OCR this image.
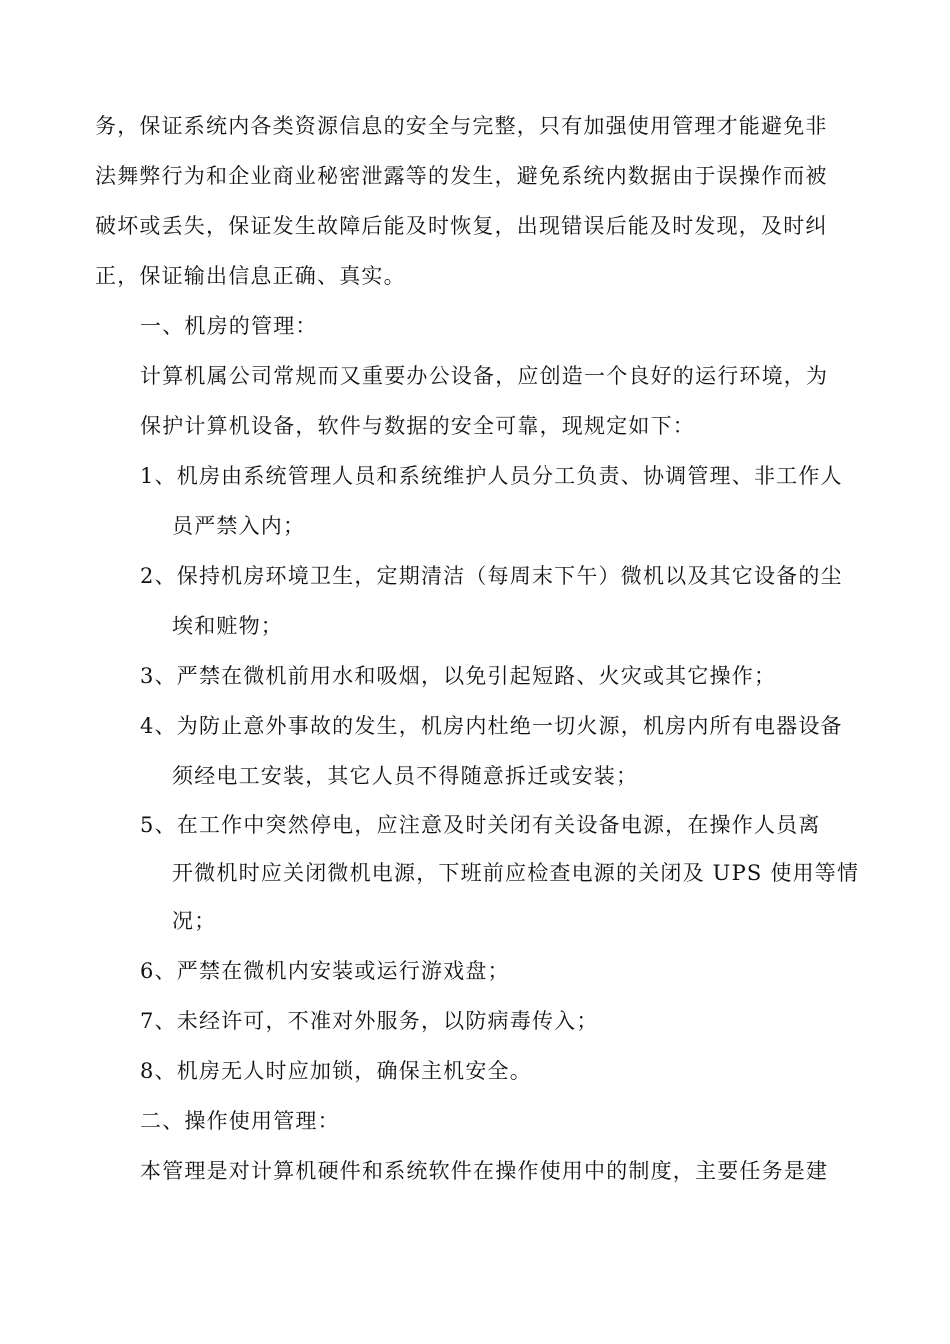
务，保证系统内各类资源信息的安全与完整，只有加强使用管理才能避免非
法舞弊行为和企业商业秘密泄露等的发生，避免系统内数据由于误操作而被
破坏或丢失，保证发生故障后能及时恢复，出现错误后能及时发现，及时纠
正，保证输出信息正确、真实。
一、机房的管理：
计算机属公司常规而又重要办公设备，应创造一个良好的运行环境，为
保护计算机设备，软件与数据的安全可靠，现规定如下：
1、机房由系统管理人员和系统维护人员分工负责、协调管理、非工作人
员严禁入内；
2、保持机房环境卫生，定期清洁（每周末下午）微机以及其它设备的尘
埃和赃物；
3、严禁在微机前用水和吸烟，以免引起短路、火灾或其它操作；
4、为防止意外事故的发生，机房内杜绝一切火源，机房内所有电器设备
须经电工安装，其它人员不得随意拆迁或安装；
5、在工作中突然停电，应注意及时关闭有关设备电源，在操作人员离
开微机时应关闭微机电源，下班前应检查电源的关闭及 UPS 使用等情
况；
6、严禁在微机内安装或运行游戏盘；
7、未经许可，不准对外服务，以防病毒传入；
8、机房无人时应加锁，确保主机安全。
二、操作使用管理：
本管理是对计算机硬件和系统软件在操作使用中的制度，主要任务是建
